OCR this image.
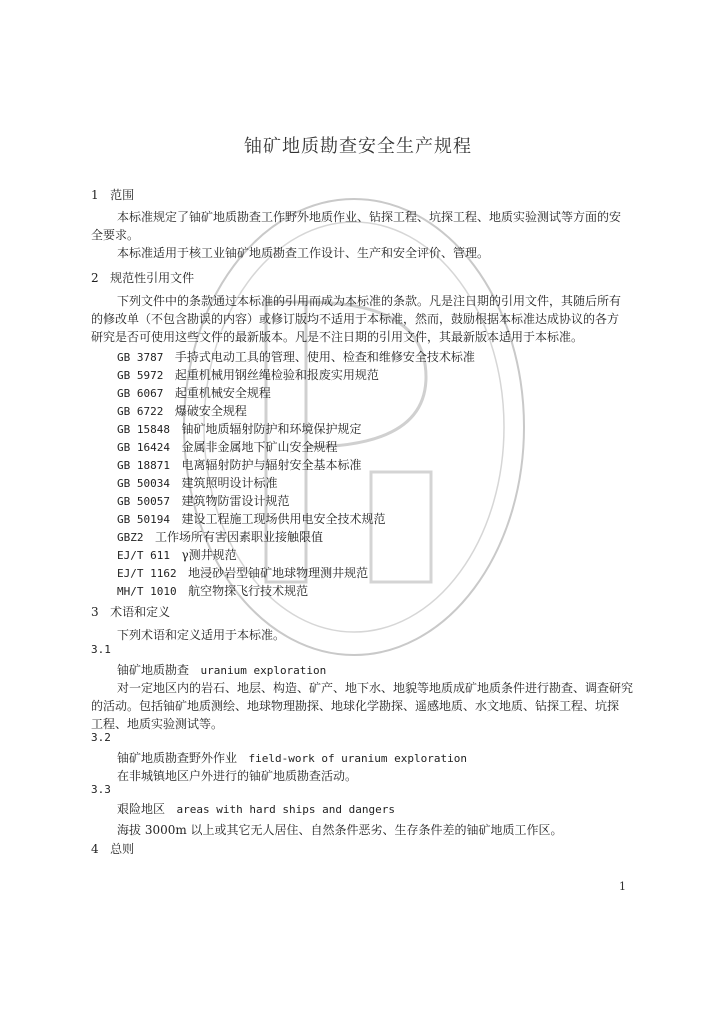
铀矿地质勘查安全生产规程
1 范围
本标准规定了铀矿地质勘查工作野外地质作业、钻探工程、坑探工程、地质实验测试等方面的安
全要求。
本标准适用于核工业铀矿地质勘查工作设计、生产和安全评价、管理。
2 规范性引用文件
下列文件中的条款通过本标准的引用而成为本标准的条款。凡是注日期的引用文件，其随后所有
的修改单（不包含勘误的内容）或修订版均不适用于本标准，然而，鼓励根据本标准达成协议的各方
研究是否可使用这些文件的最新版本。凡是不注日期的引用文件，其最新版本适用于本标准。
GB 3787 手持式电动工具的管理、使用、检查和维修安全技术标准
GB 5972 起重机械用钢丝绳检验和报废实用规范
GB 6067 起重机械安全规程
GB 6722 爆破安全规程
GB 15848 铀矿地质辐射防护和环境保护规定
GB 16424 金属非金属地下矿山安全规程
GB 18871 电离辐射防护与辐射安全基本标准
GB 50034 建筑照明设计标准
GB 50057 建筑物防雷设计规范
GB 50194 建设工程施工现场供用电安全技术规范
GBZ2 工作场所有害因素职业接触限值
EJ/T 611 γ测井规范
EJ/T 1162 地浸砂岩型铀矿地球物理测井规范
MH/T 1010 航空物探飞行技术规范
3 术语和定义
下列术语和定义适用于本标准。
3.1
铀矿地质勘查 uranium exploration
对一定地区内的岩石、地层、构造、矿产、地下水、地貌等地质成矿地质条件进行勘查、调查研究
的活动。包括铀矿地质测绘、地球物理勘探、地球化学勘探、遥感地质、水文地质、钻探工程、坑探
工程、地质实验测试等。
3.2
铀矿地质勘查野外作业 field-work of uranium exploration
在非城镇地区户外进行的铀矿地质勘查活动。
3.3
艰险地区 areas with hard ships and dangers
海拔 3000m 以上或其它无人居住、自然条件恶劣、生存条件差的铀矿地质工作区。
4 总则
1
